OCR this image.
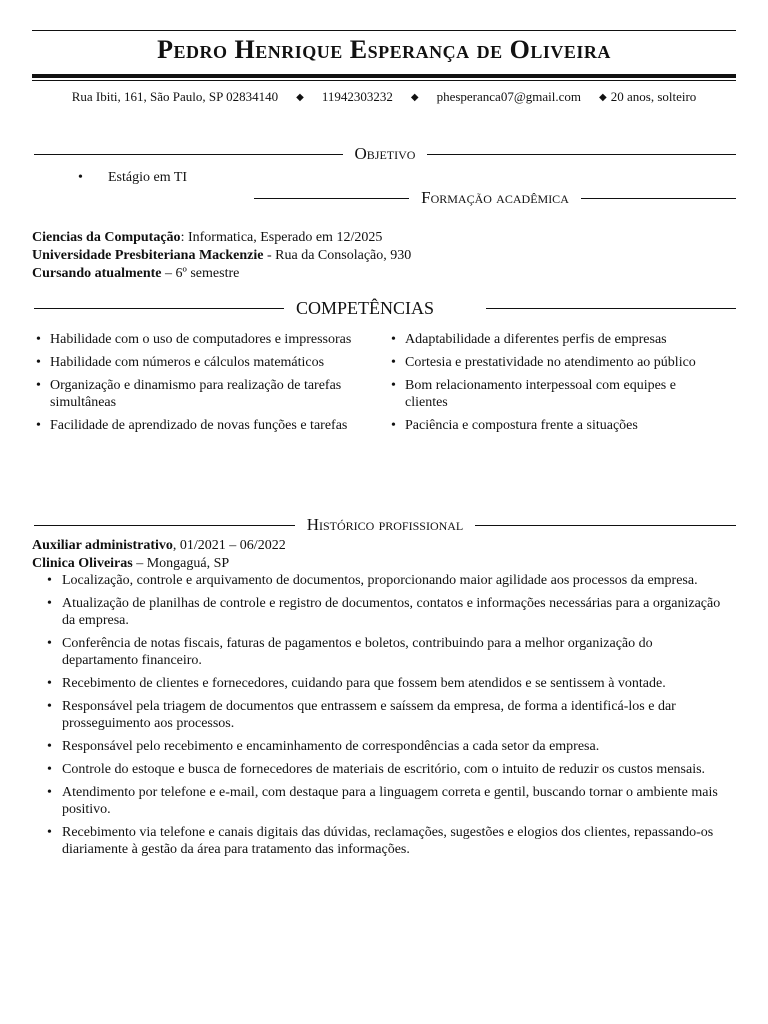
Pedro Henrique Esperança de Oliveira
Rua Ibiti, 161, São Paulo, SP 02834140 ◆ 11942303232 ◆ phesperanca07@gmail.com ◆ 20 anos, solteiro
Objetivo
• Estágio em TI
Formação acadêmica

Ciencias da Computação: Informatica, Esperado em 12/2025

Universidade Presbiteriana Mackenzie - Rua da Consolação, 930

Cursando atualmente – 6º semestre

COMPETÊNCIAS
• Habilidade com o uso de computadores e impressoras
• Habilidade com números e cálculos matemáticos
• Organização e dinamismo para realização de tarefas simultâneas
• Facilidade de aprendizado de novas funções e tarefas
• Adaptabilidade a diferentes perfis de empresas
• Cortesia e prestatividade no atendimento ao público
• Bom relacionamento interpessoal com equipes e clientes
• Paciência e compostura frente a situações
Histórico profissional

Auxiliar administrativo, 01/2021 – 06/2022

Clinica Oliveiras – Mongaguá, SP

• Localização, controle e arquivamento de documentos, proporcionando maior agilidade aos processos da empresa.
• Atualização de planilhas de controle e registro de documentos, contatos e informações necessárias para a organização da empresa.
• Conferência de notas fiscais, faturas de pagamentos e boletos, contribuindo para a melhor organização do departamento financeiro.
• Recebimento de clientes e fornecedores, cuidando para que fossem bem atendidos e se sentissem à vontade.
• Responsável pela triagem de documentos que entrassem e saíssem da empresa, de forma a identificá-los e dar prosseguimento aos processos.
• Responsável pelo recebimento e encaminhamento de correspondências a cada setor da empresa.
• Controle do estoque e busca de fornecedores de materiais de escritório, com o intuito de reduzir os custos mensais.
• Atendimento por telefone e e-mail, com destaque para a linguagem correta e gentil, buscando tornar o ambiente mais positivo.
• Recebimento via telefone e canais digitais das dúvidas, reclamações, sugestões e elogios dos clientes, repassando-os diariamente à gestão da área para tratamento das informações.
